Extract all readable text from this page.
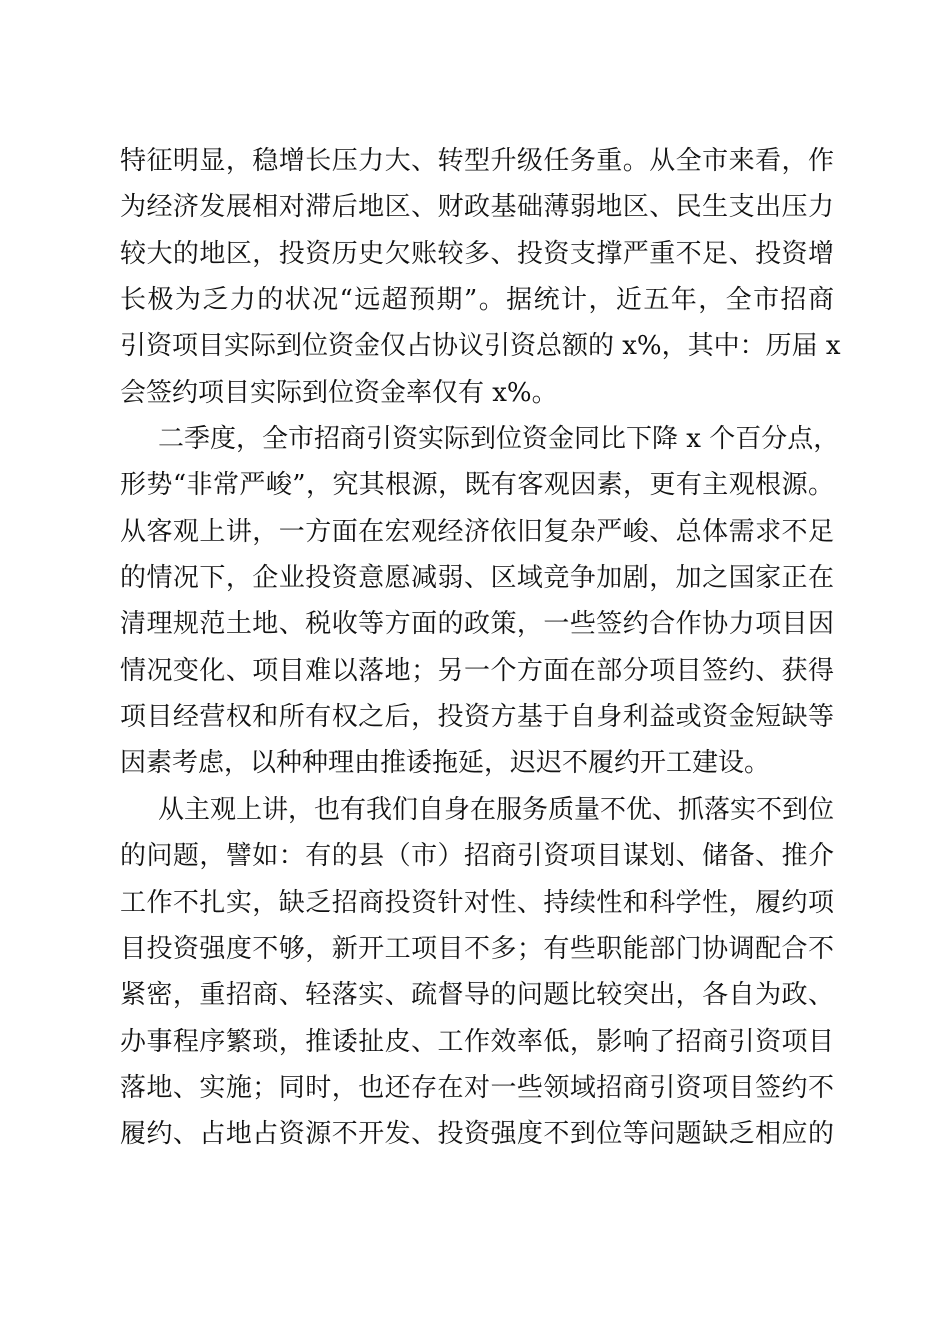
特征明显，稳增长压力大、转型升级任务重。从全市来看，作
为经济发展相对滞后地区、财政基础薄弱地区、民生支出压力
较大的地区，投资历史欠账较多、投资支撑严重不足、投资增
长极为乏力的状况“远超预期”。据统计，近五年，全市招商
引资项目实际到位资金仅占协议引资总额的 x%，其中：历届 x
会签约项目实际到位资金率仅有 x%。
二季度，全市招商引资实际到位资金同比下降 x 个百分点，
形势“非常严峻”，究其根源，既有客观因素，更有主观根源。
从客观上讲，一方面在宏观经济依旧复杂严峻、总体需求不足
的情况下，企业投资意愿减弱、区域竞争加剧，加之国家正在
清理规范土地、税收等方面的政策，一些签约合作协力项目因
情况变化、项目难以落地；另一个方面在部分项目签约、获得
项目经营权和所有权之后，投资方基于自身利益或资金短缺等
因素考虑，以种种理由推诿拖延，迟迟不履约开工建设。
从主观上讲，也有我们自身在服务质量不优、抓落实不到位
的问题，譬如：有的县（市）招商引资项目谋划、储备、推介
工作不扎实，缺乏招商投资针对性、持续性和科学性，履约项
目投资强度不够，新开工项目不多；有些职能部门协调配合不
紧密，重招商、轻落实、疏督导的问题比较突出，各自为政、
办事程序繁琐，推诿扯皮、工作效率低，影响了招商引资项目
落地、实施；同时，也还存在对一些领域招商引资项目签约不
履约、占地占资源不开发、投资强度不到位等问题缺乏相应的
